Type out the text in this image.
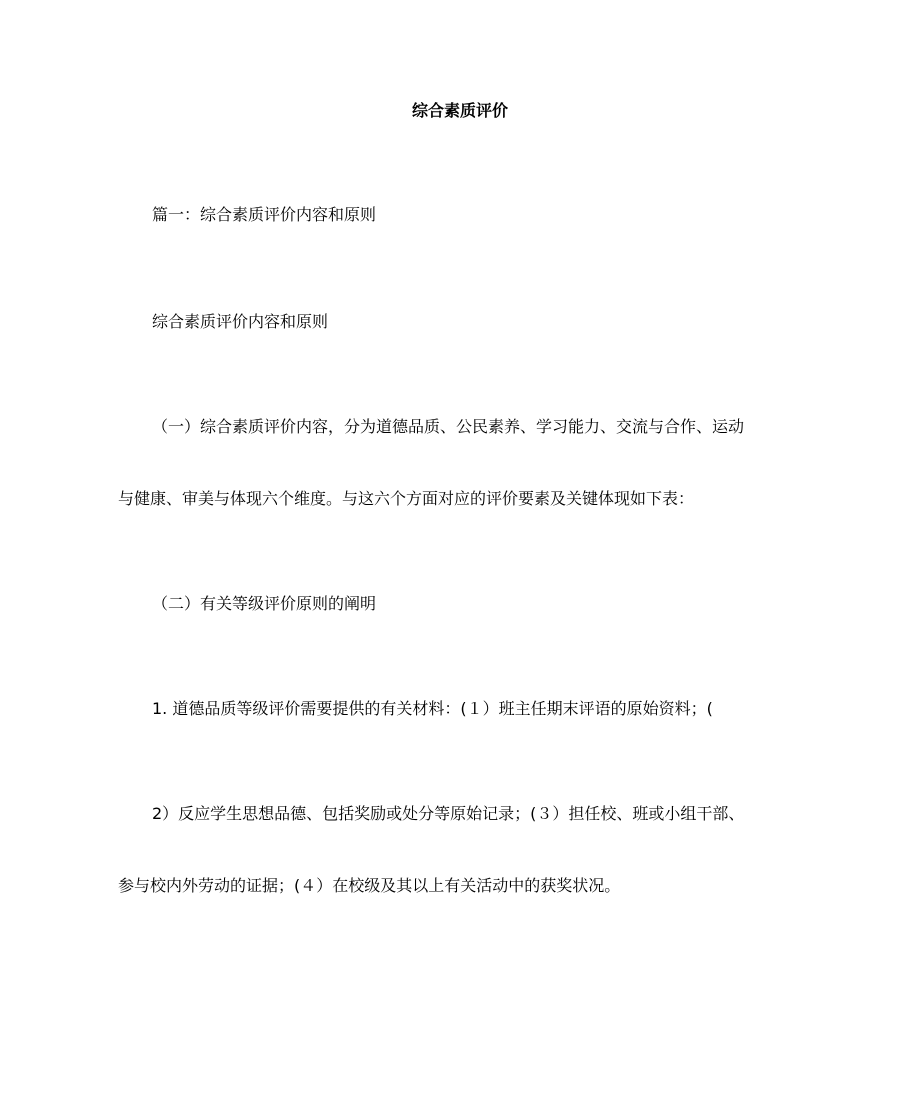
综合素质评价
篇一：综合素质评价内容和原则
综合素质评价内容和原则
（一）综合素质评价内容，分为道德品质、公民素养、学习能力、交流与合作、运动
与健康、审美与体现六个维度。与这六个方面对应的评价要素及关键体现如下表：
（二）有关等级评价原则的阐明
1. 道德品质等级评价需要提供的有关材料：(１）班主任期末评语的原始资料；(
2）反应学生思想品德、包括奖励或处分等原始记录；(３）担任校、班或小组干部、
参与校内外劳动的证据；(４）在校级及其以上有关活动中的获奖状况。
